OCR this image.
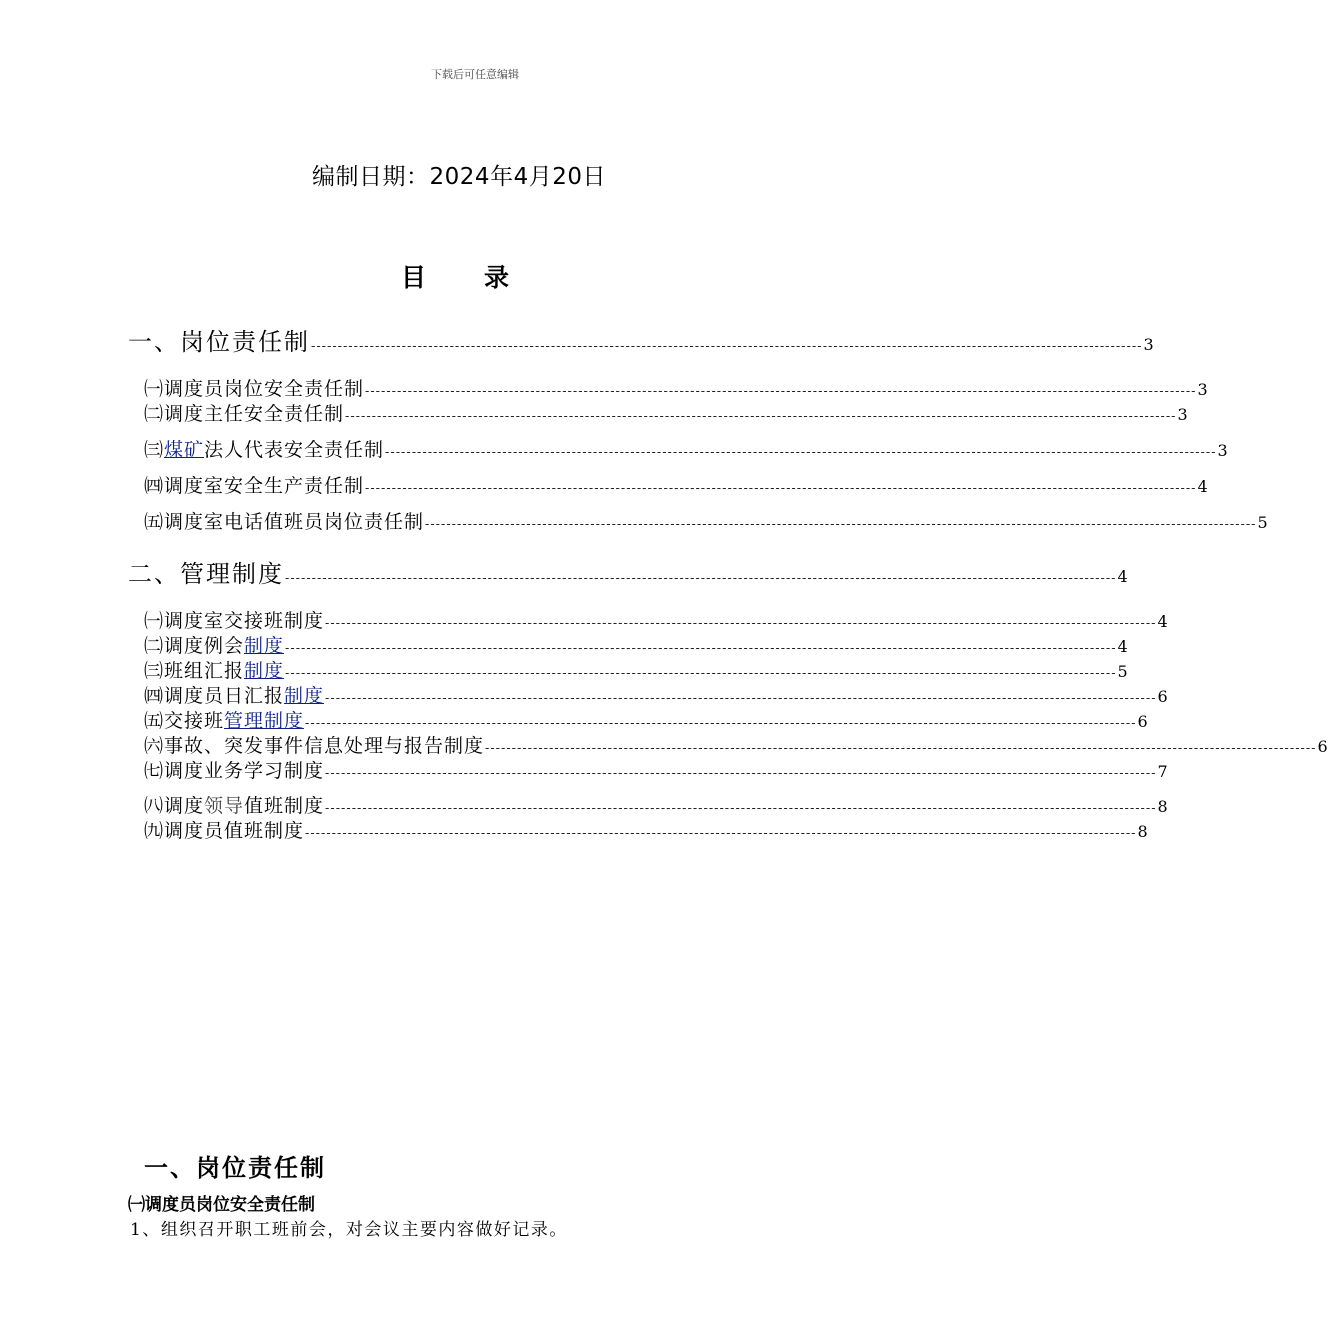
下载后可任意编辑
编制日期：2024年4月20日
目 录
一、岗位责任制 ------------------------------------------------------------------------------------------------------------------------------------------------------------ 3
㈠调度员岗位安全责任制 ------------------------------------------------------------------------------------------------------------------------------------------------------------ 3
㈡调度主任安全责任制 ------------------------------------------------------------------------------------------------------------------------------------------------------------ 3
㈢煤矿法人代表安全责任制 ------------------------------------------------------------------------------------------------------------------------------------------------------------ 3
㈣调度室安全生产责任制 ------------------------------------------------------------------------------------------------------------------------------------------------------------ 4
㈤调度室电话值班员岗位责任制 ------------------------------------------------------------------------------------------------------------------------------------------------------------ 5
二、管理制度 ------------------------------------------------------------------------------------------------------------------------------------------------------------ 4
㈠调度室交接班制度 ------------------------------------------------------------------------------------------------------------------------------------------------------------ 4
㈡调度例会制度 ------------------------------------------------------------------------------------------------------------------------------------------------------------ 4
㈢班组汇报制度 ------------------------------------------------------------------------------------------------------------------------------------------------------------ 5
㈣调度员日汇报制度 ------------------------------------------------------------------------------------------------------------------------------------------------------------ 6
㈤交接班管理制度 ------------------------------------------------------------------------------------------------------------------------------------------------------------ 6
㈥事故、突发事件信息处理与报告制度 ------------------------------------------------------------------------------------------------------------------------------------------------------------ 6
㈦调度业务学习制度 ------------------------------------------------------------------------------------------------------------------------------------------------------------ 7
㈧调度领导值班制度 ------------------------------------------------------------------------------------------------------------------------------------------------------------ 8
㈨调度员值班制度 ------------------------------------------------------------------------------------------------------------------------------------------------------------ 8
一、岗位责任制
㈠调度员岗位安全责任制
1、组织召开职工班前会，对会议主要内容做好记录。
